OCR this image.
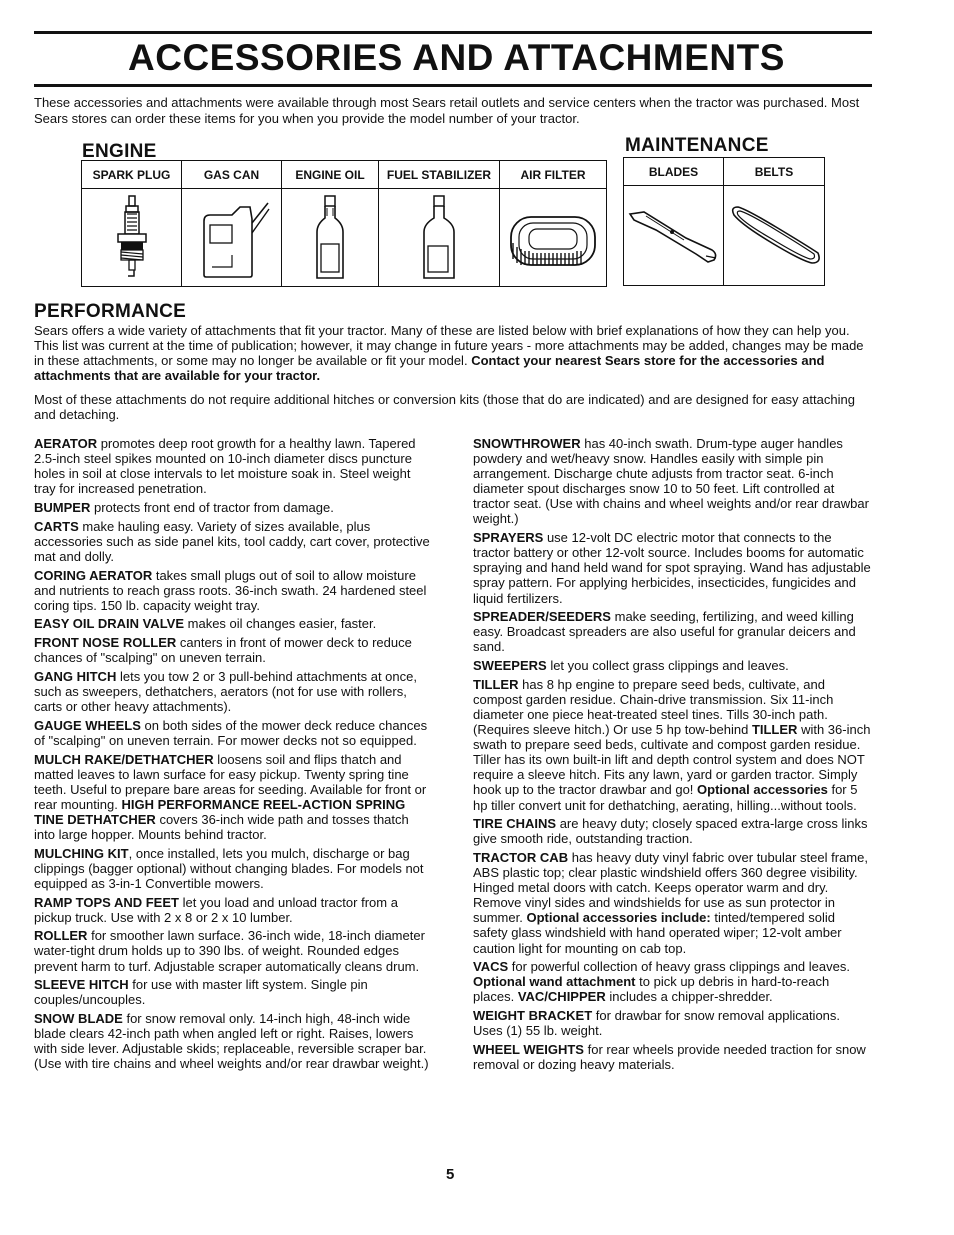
ACCESSORIES AND ATTACHMENTS
These accessories and attachments were available through most Sears retail outlets and service centers when the tractor was purchased. Most Sears stores can order these items for you when you provide the model number of your tractor.
ENGINE	MAINTENANCE
SPARK PLUG	GAS CAN	ENGINE OIL	FUEL STABILIZER	AIR FILTER

		BLADES	BELTS

PERFORMANCE

Sears offers a wide variety of attachments that fit your tractor. Many of these are listed below with brief explanations of how they can help you. This list was current at the time of publication; however, it may change in future years - more attachments may be added, changes may be made in these attachments, or some may no longer be available or fit your model. Contact your nearest Sears store for the accessories and attachments that are available for your tractor.

Most of these attachments do not require additional hitches or conversion kits (those that do are indicated) and are designed for easy attaching and detaching.

AERATOR promotes deep root growth for a healthy lawn. Tapered 2.5-inch steel spikes mounted on 10-inch diameter discs puncture holes in soil at close intervals to let moisture soak in. Steel weight tray for increased penetration.

BUMPER protects front end of tractor from damage.

CARTS make hauling easy. Variety of sizes available, plus accessories such as side panel kits, tool caddy, cart cover, protective mat and dolly.

CORING AERATOR takes small plugs out of soil to allow moisture and nutrients to reach grass roots. 36-inch swath. 24 hardened steel coring tips. 150 lb. capacity weight tray.

EASY OIL DRAIN VALVE makes oil changes easier, faster.

FRONT NOSE ROLLER canters in front of mower deck to reduce chances of "scalping" on uneven terrain.

GANG HITCH lets you tow 2 or 3 pull-behind attachments at once, such as sweepers, dethatchers, aerators (not for use with rollers, carts or other heavy attachments).

GAUGE WHEELS on both sides of the mower deck reduce chances of "scalping" on uneven terrain. For mower decks not so equipped.

MULCH RAKE/DETHATCHER loosens soil and flips thatch and matted leaves to lawn surface for easy pickup. Twenty spring tine teeth. Useful to prepare bare areas for seeding. Available for front or rear mounting. HIGH PERFORMANCE REEL-ACTION SPRING TINE DETHATCHER covers 36-inch wide path and tosses thatch into large hopper. Mounts behind tractor.

MULCHING KIT, once installed, lets you mulch, discharge or bag clippings (bagger optional) without changing blades. For models not equipped as 3-in-1 Convertible mowers.

RAMP TOPS AND FEET let you load and unload tractor from a pickup truck. Use with 2 x 8 or 2 x 10 lumber.

ROLLER for smoother lawn surface. 36-inch wide, 18-inch diameter water-tight drum holds up to 390 lbs. of weight. Rounded edges prevent harm to turf. Adjustable scraper automatically cleans drum.

SLEEVE HITCH for use with master lift system. Single pin couples/uncouples.

SNOW BLADE for snow removal only. 14-inch high, 48-inch wide blade clears 42-inch path when angled left or right. Raises, lowers with side lever. Adjustable skids; replaceable, reversible scraper bar. (Use with tire chains and wheel weights and/or rear drawbar weight.)

SNOWTHROWER has 40-inch swath. Drum-type auger handles powdery and wet/heavy snow. Handles easily with simple pin arrangement. Discharge chute adjusts from tractor seat. 6-inch diameter spout discharges snow 10 to 50 feet. Lift controlled at tractor seat. (Use with chains and wheel weights and/or rear drawbar weight.)

SPRAYERS use 12-volt DC electric motor that connects to the tractor battery or other 12-volt source. Includes booms for automatic spraying and hand held wand for spot spraying. Wand has adjustable spray pattern. For applying herbicides, insecticides, fungicides and liquid fertilizers.

SPREADER/SEEDERS make seeding, fertilizing, and weed killing easy. Broadcast spreaders are also useful for granular deicers and sand.

SWEEPERS let you collect grass clippings and leaves.

TILLER has 8 hp engine to prepare seed beds, cultivate, and compost garden residue. Chain-drive transmission. Six 11-inch diameter one piece heat-treated steel tines. Tills 30-inch path. (Requires sleeve hitch.) Or use 5 hp tow-behind TILLER with 36-inch swath to prepare seed beds, cultivate and compost garden residue. Tiller has its own built-in lift and depth control system and does NOT require a sleeve hitch. Fits any lawn, yard or garden tractor. Simply hook up to the tractor drawbar and go! Optional accessories for 5 hp tiller convert unit for dethatching, aerating, hilling...without tools.

TIRE CHAINS are heavy duty; closely spaced extra-large cross links give smooth ride, outstanding traction.

TRACTOR CAB has heavy duty vinyl fabric over tubular steel frame, ABS plastic top; clear plastic windshield offers 360 degree visibility. Hinged metal doors with catch. Keeps operator warm and dry. Remove vinyl sides and windshields for use as sun protector in summer. Optional accessories include: tinted/tempered solid safety glass windshield with hand operated wiper; 12-volt amber caution light for mounting on cab top.

VACS for powerful collection of heavy grass clippings and leaves. Optional wand attachment to pick up debris in hard-to-reach places. VAC/CHIPPER includes a chipper-shredder.

WEIGHT BRACKET for drawbar for snow removal applications. Uses (1) 55 lb. weight.

WHEEL WEIGHTS for rear wheels provide needed traction for snow removal or dozing heavy materials.

5
